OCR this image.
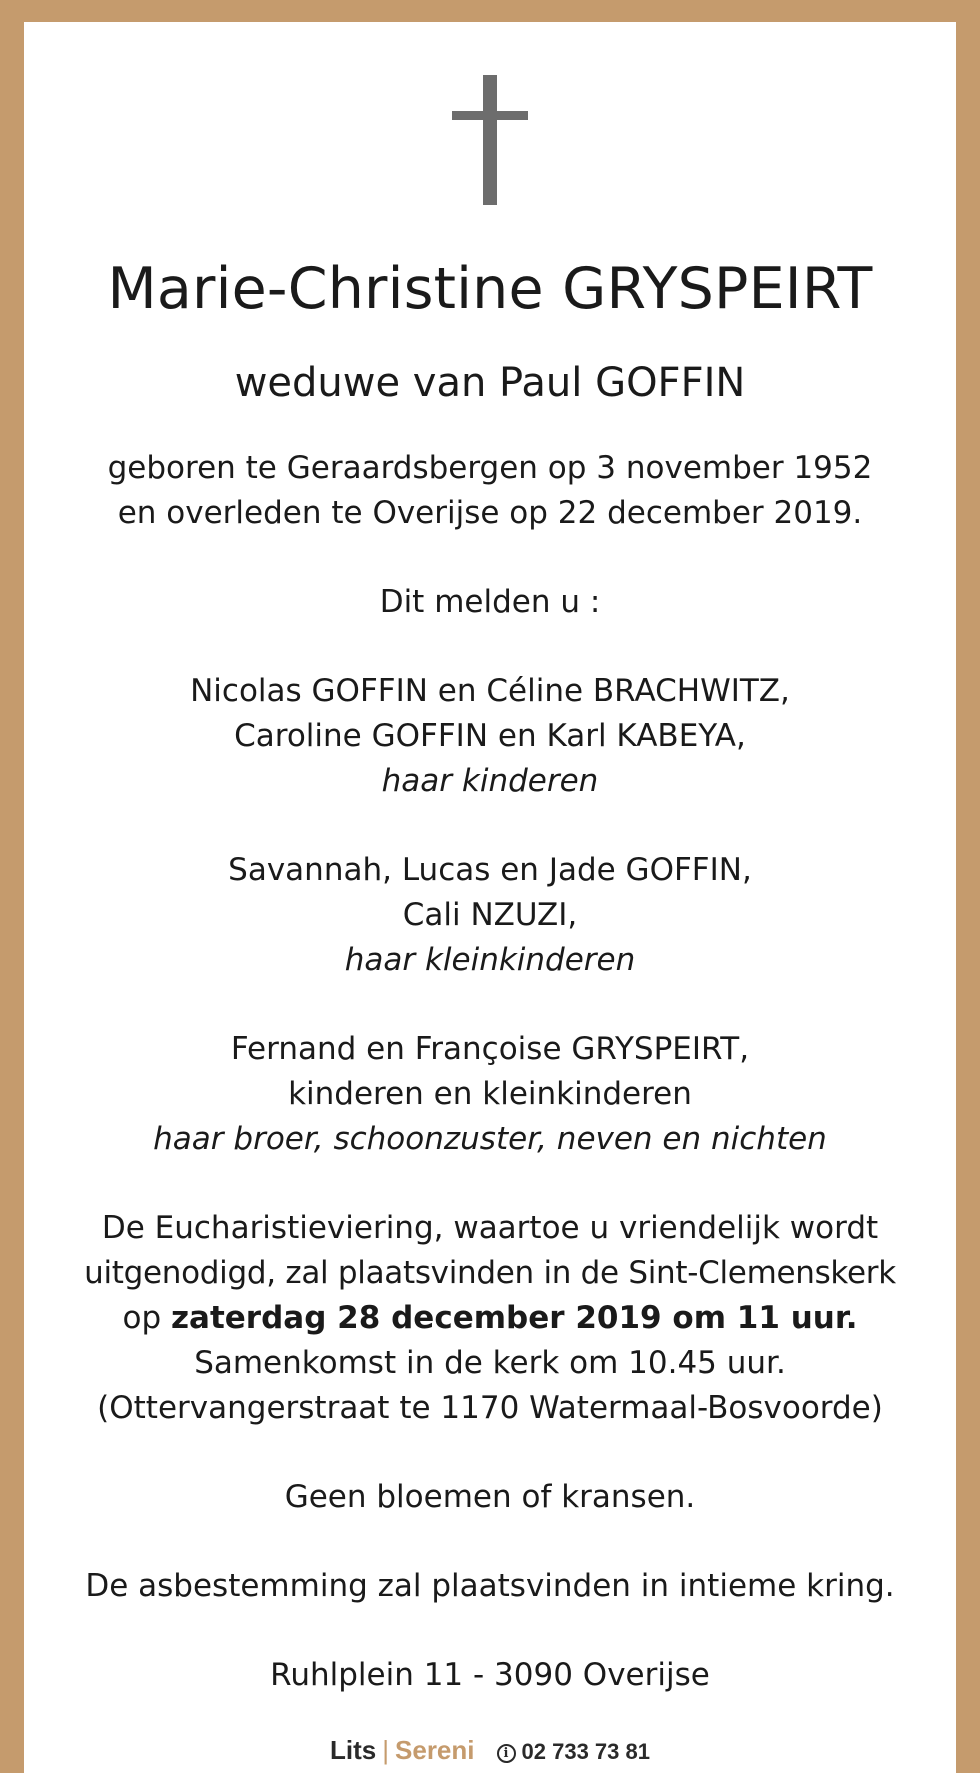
Marie-Christine GRYSPEIRT
weduwe van Paul GOFFIN

geboren te Geraardsbergen op 3 november 1952

en overleden te Overijse op 22 december 2019.

Dit melden u :

Nicolas GOFFIN en Céline BRACHWITZ,

Caroline GOFFIN en Karl KABEYA,

haar kinderen

Savannah, Lucas en Jade GOFFIN,

Cali NZUZI,

haar kleinkinderen

Fernand en Françoise GRYSPEIRT,

kinderen en kleinkinderen

haar broer, schoonzuster, neven en nichten

De Eucharistieviering, waartoe u vriendelijk wordt

uitgenodigd, zal plaatsvinden in de Sint-Clemenskerk

op zaterdag 28 december 2019 om 11 uur.

Samenkomst in de kerk om 10.45 uur.

(Ottervangerstraat te 1170 Watermaal-Bosvoorde)

Geen bloemen of kransen.

De asbestemming zal plaatsvinden in intieme kring.

Ruhlplein 11 - 3090 Overijse

Lits | Sereni i 02 733 73 81
